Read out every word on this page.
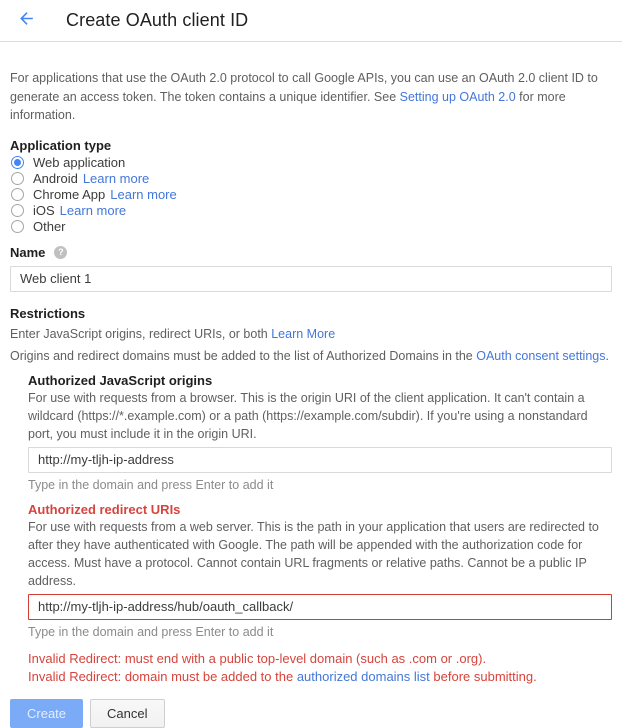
Create OAuth client ID
For applications that use the OAuth 2.0 protocol to call Google APIs, you can use an OAuth 2.0 client ID to generate an access token. The token contains a unique identifier. See Setting up OAuth 2.0 for more information.
Application type
Web application
Android Learn more
Chrome App Learn more
iOS Learn more
Other
Name	?
Web client 1
Restrictions
Enter JavaScript origins, redirect URIs, or both Learn More
Origins and redirect domains must be added to the list of Authorized Domains in the OAuth consent settings.
Authorized JavaScript origins
For use with requests from a browser. This is the origin URI of the client application. It can't contain a wildcard (https://*.example.com) or a path (https://example.com/subdir). If you're using a nonstandard port, you must include it in the origin URI.
http://my-tljh-ip-address
Type in the domain and press Enter to add it
Authorized redirect URIs
For use with requests from a web server. This is the path in your application that users are redirected to after they have authenticated with Google. The path will be appended with the authorization code for access. Must have a protocol. Cannot contain URL fragments or relative paths. Cannot be a public IP address.
http://my-tljh-ip-address/hub/oauth_callback/
Type in the domain and press Enter to add it
Invalid Redirect: must end with a public top-level domain (such as .com or .org).
Invalid Redirect: domain must be added to the authorized domains list before submitting.
Create	Cancel
